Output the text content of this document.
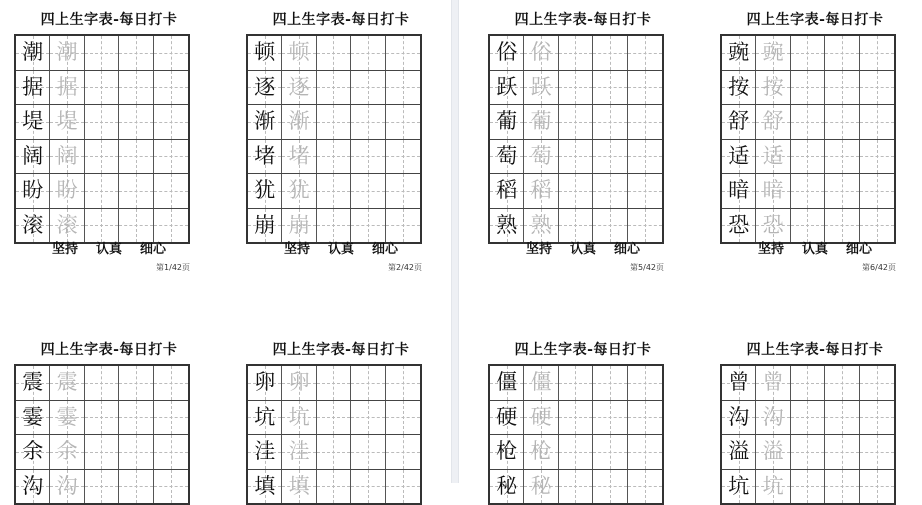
四上生字表-每日打卡
潮 潮
据 据
堤 堤
阔 阔
盼 盼
滚 滚
坚持 认真 细心
第1/42页
四上生字表-每日打卡
顿 顿
逐 逐
渐 渐
堵 堵
犹 犹
崩 崩
坚持 认真 细心
第2/42页
四上生字表-每日打卡
俗 俗
跃 跃
葡 葡
萄 萄
稻 稻
熟 熟
坚持 认真 细心
第5/42页
四上生字表-每日打卡
豌 豌
按 按
舒 舒
适 适
暗 暗
恐 恐
坚持 认真 细心
第6/42页
四上生字表-每日打卡
震 震
霎 霎
余 余
沟 沟
四上生字表-每日打卡
卵 卵
坑 坑
洼 洼
填 填
四上生字表-每日打卡
僵 僵
硬 硬
枪 枪
秘 秘
四上生字表-每日打卡
曾 曾
沟 沟
溢 溢
坑 坑
